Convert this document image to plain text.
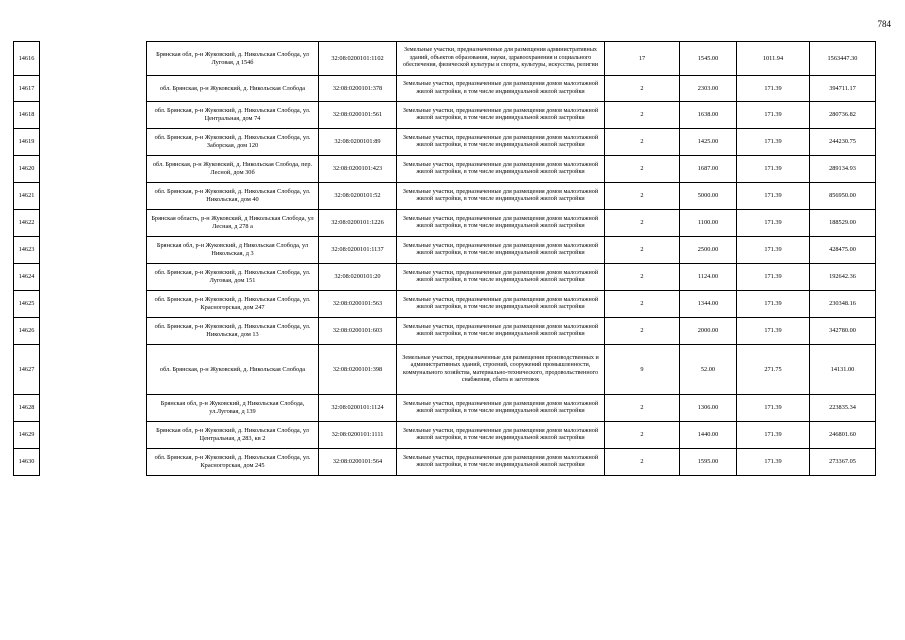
784
14616		Брянская обл, р-н Жуковский, д. Никольская Слобода, ул Луговая, д 154б	32:08:0200101:1102	Земельные участки, предназначенные для размещения административных зданий, объектов образования, науки, здравоохранения и социального обеспечения, физической культуры и спорта, культуры, искусства, религии	17	1545.00	1011.94	1563447.30
14617		обл. Брянская, р-н Жуковский, д. Никольская Слобода	32:08:0200101:378	Земельные участки, предназначенные для размещения домов малоэтажной жилой застройки, в том числе индивидуальной жилой застройки	2	2303.00	171.39	394711.17
14618		обл. Брянская, р-н Жуковский, д. Никольская Слобода, ул. Центральная, дом 74	32:08:0200101:561	Земельные участки, предназначенные для размещения домов малоэтажной жилой застройки, в том числе индивидуальной жилой застройки	2	1638.00	171.39	280736.82
14619		обл. Брянская, р-н Жуковский, д. Никольская Слобода, ул. Заборская, дом 120	32:08:0200101:89	Земельные участки, предназначенные для размещения домов малоэтажной жилой застройки, в том числе индивидуальной жилой застройки	2	1425.00	171.39	244230.75
14620		обл. Брянская, р-н Жуковский, д. Никольская Слобода, пер. Лесной, дом 30б	32:08:0200101:423	Земельные участки, предназначенные для размещения домов малоэтажной жилой застройки, в том числе индивидуальной жилой застройки	2	1687.00	171.39	289134.93
14621		обл. Брянская, р-н Жуковский, д. Никольская Слобода, ул. Никольская, дом 40	32:08:0200101:52	Земельные участки, предназначенные для размещения домов малоэтажной жилой застройки, в том числе индивидуальной жилой застройки	2	5000.00	171.39	856950.00
14622		Брянская область, р-н Жуковский, д Никольская Слобода, ул Лесная, д 278 а	32:08:0200101:1226	Земельные участки, предназначенные для размещения домов малоэтажной жилой застройки, в том числе индивидуальной жилой застройки	2	1100.00	171.39	188529.00
14623		Брянская обл, р-н Жуковский, д Никольская Слобода, ул Никольская, д 3	32:08:0200101:1137	Земельные участки, предназначенные для размещения домов малоэтажной жилой застройки, в том числе индивидуальной жилой застройки	2	2500.00	171.39	428475.00
14624		обл. Брянская, р-н Жуковский, д. Никольская Слобода, ул. Луговая, дом 151	32:08:0200101:20	Земельные участки, предназначенные для размещения домов малоэтажной жилой застройки, в том числе индивидуальной жилой застройки	2	1124.00	171.39	192642.36
14625		обл. Брянская, р-н Жуковский, д. Никольская Слобода, ул. Красногорская, дом 247	32:08:0200101:563	Земельные участки, предназначенные для размещения домов малоэтажной жилой застройки, в том числе индивидуальной жилой застройки	2	1344.00	171.39	230348.16
14626		обл. Брянская, р-н Жуковский, д. Никольская Слобода, ул. Никольская, дом 13	32:08:0200101:603	Земельные участки, предназначенные для размещения домов малоэтажной жилой застройки, в том числе индивидуальной жилой застройки	2	2000.00	171.39	342780.00
14627		обл. Брянская, р-н Жуковский, д. Никольская Слобода	32:08:0200101:398	Земельные участки, предназначенные для размещения производственных и административных зданий, строений, сооружений промышленности, коммунального хозяйства, материально-технического, продовольственного снабжения, сбыта и заготовок	9	52.00	271.75	14131.00
14628		Брянская обл, р-н Жуковский, д Никольская Слобода, ул.Луговая, д 139	32:08:0200101:1124	Земельные участки, предназначенные для размещения домов малоэтажной жилой застройки, в том числе индивидуальной жилой застройки	2	1306.00	171.39	223835.34
14629		Брянская обл, р-н Жуковский, д. Никольская Слобода, ул Центральная, д 283, кв 2	32:08:0200101:1111	Земельные участки, предназначенные для размещения домов малоэтажной жилой застройки, в том числе индивидуальной жилой застройки	2	1440.00	171.39	246801.60
14630		обл. Брянская, р-н Жуковский, д. Никольская Слобода, ул. Красногорская, дом 245	32:08:0200101:564	Земельные участки, предназначенные для размещения домов малоэтажной жилой застройки, в том числе индивидуальной жилой застройки	2	1595.00	171.39	273367.05
